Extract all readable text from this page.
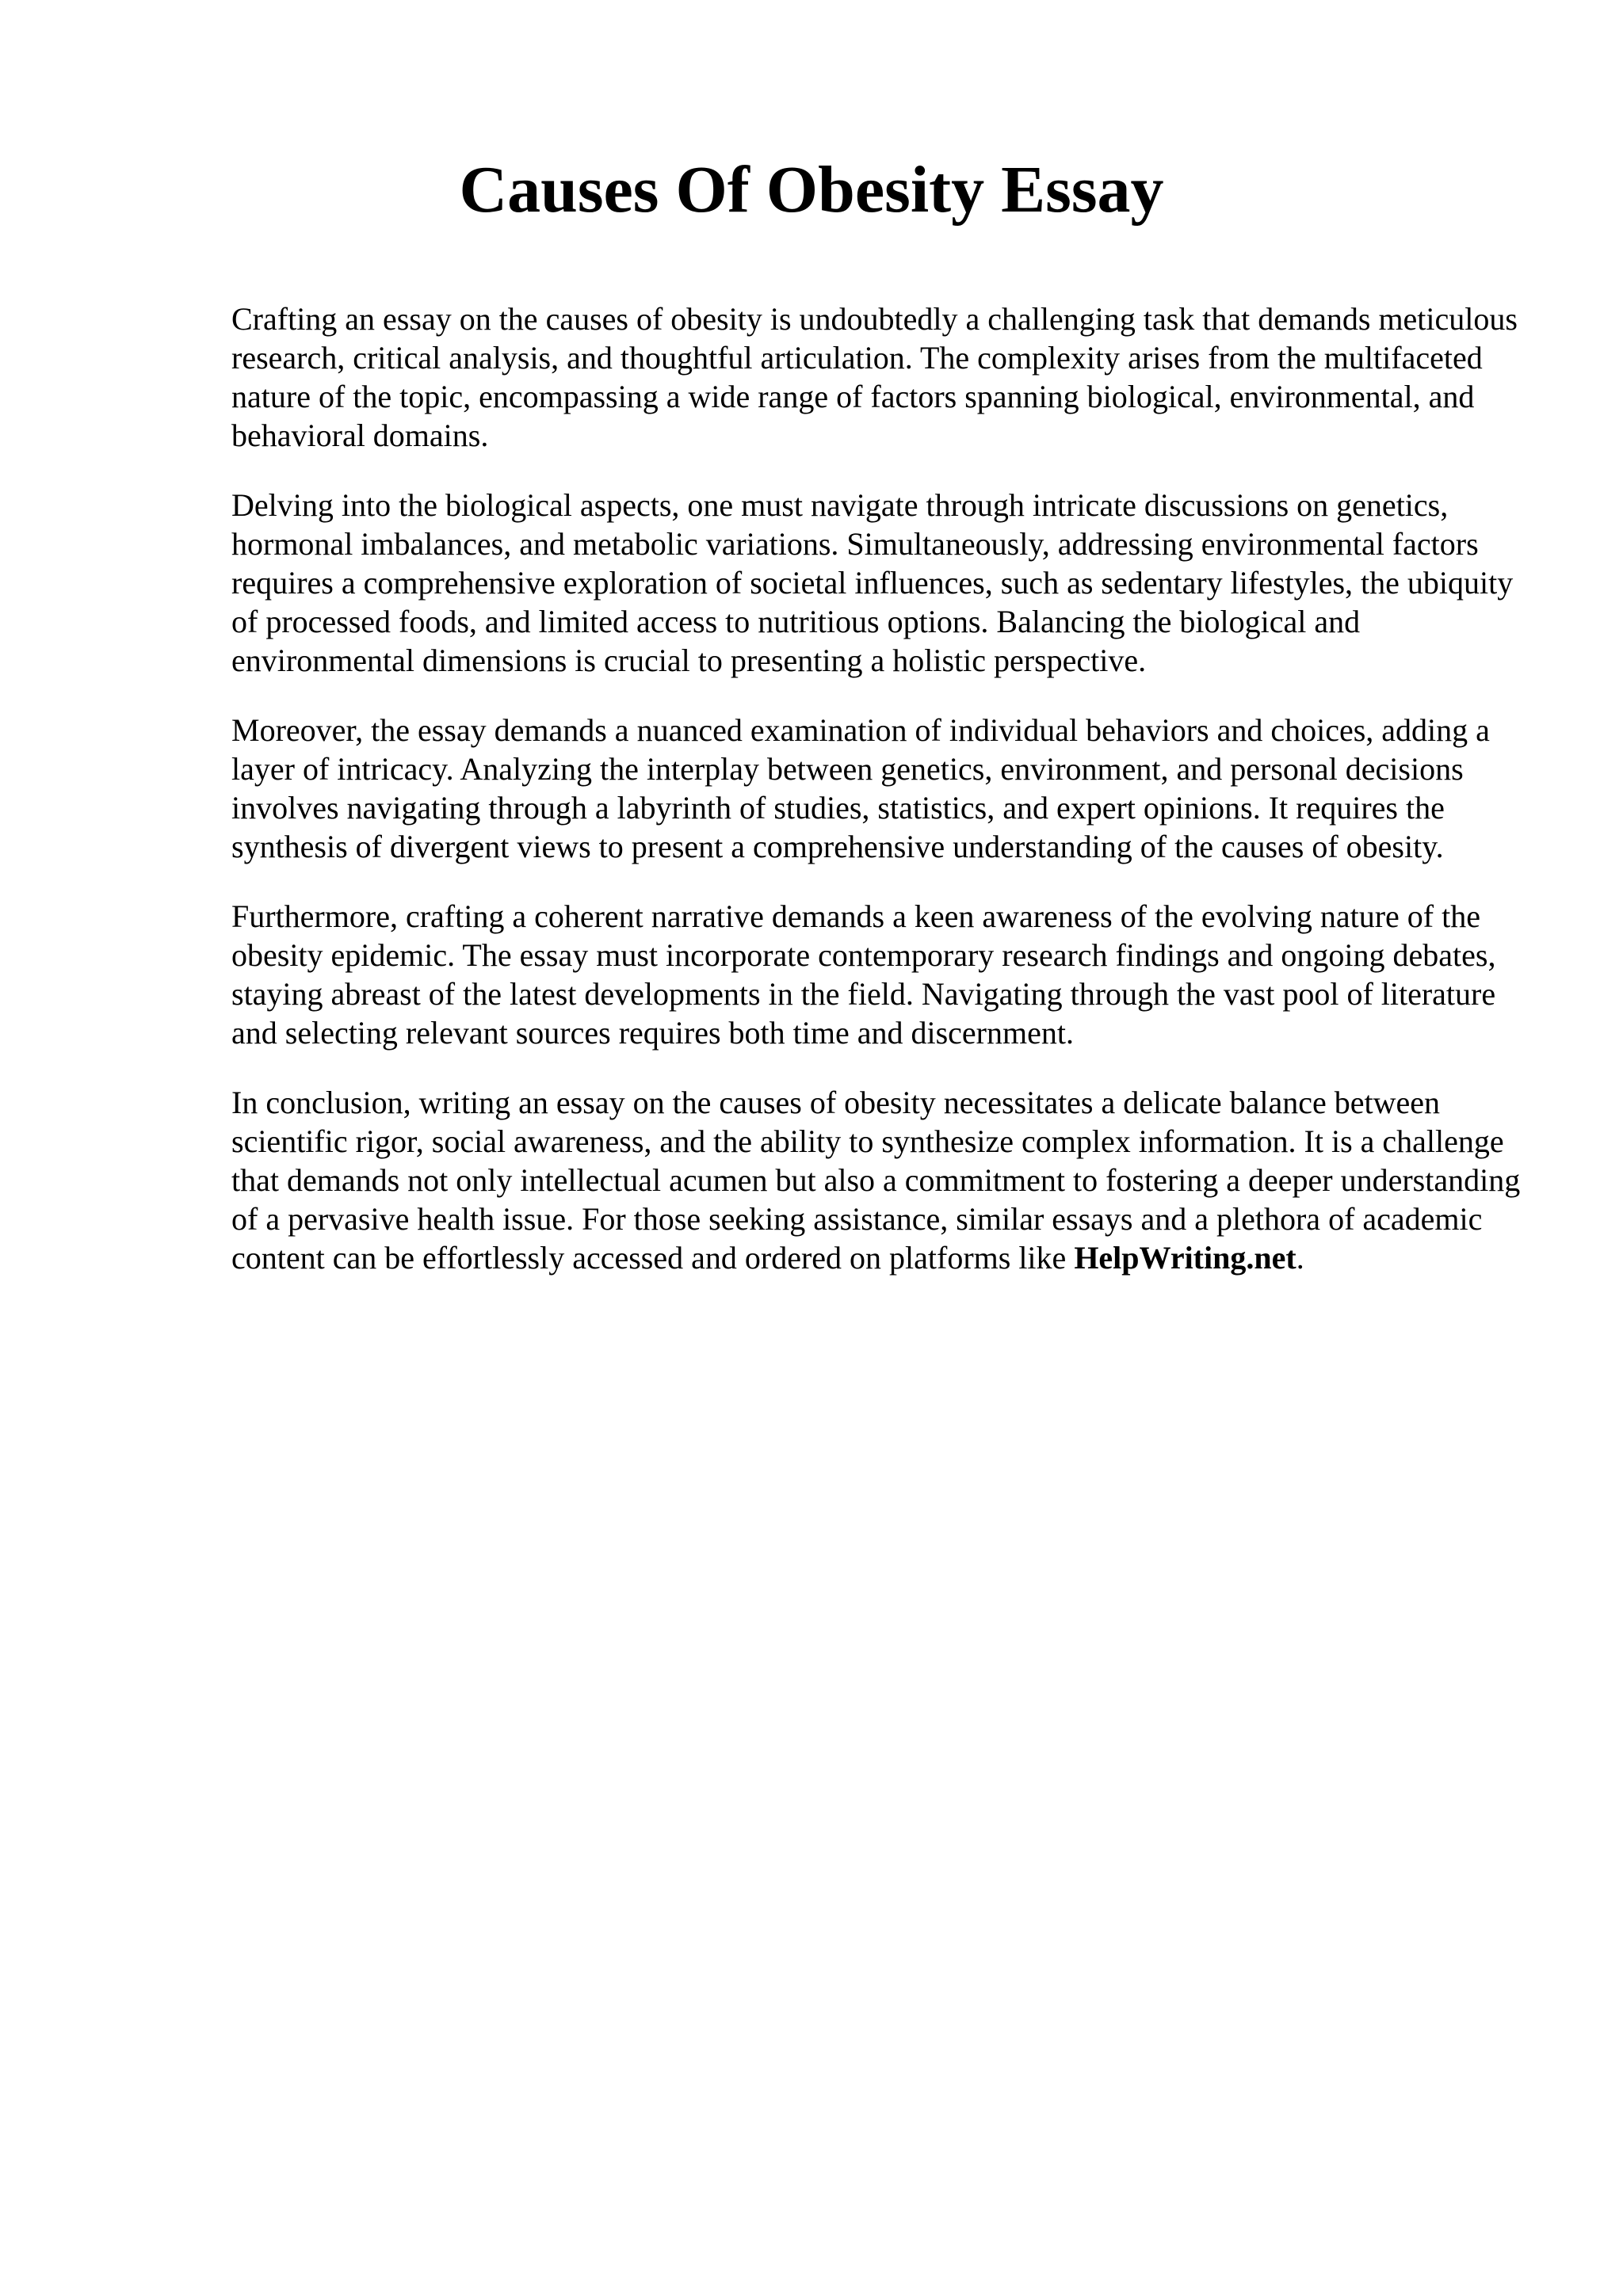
Causes Of Obesity Essay

Crafting an essay on the causes of obesity is undoubtedly a challenging task that demands meticulous research, critical analysis, and thoughtful articulation. The complexity arises from the multifaceted nature of the topic, encompassing a wide range of factors spanning biological, environmental, and behavioral domains.

Delving into the biological aspects, one must navigate through intricate discussions on genetics, hormonal imbalances, and metabolic variations. Simultaneously, addressing environmental factors requires a comprehensive exploration of societal influences, such as sedentary lifestyles, the ubiquity of processed foods, and limited access to nutritious options. Balancing the biological and environmental dimensions is crucial to presenting a holistic perspective.

Moreover, the essay demands a nuanced examination of individual behaviors and choices, adding a layer of intricacy. Analyzing the interplay between genetics, environment, and personal decisions involves navigating through a labyrinth of studies, statistics, and expert opinions. It requires the synthesis of divergent views to present a comprehensive understanding of the causes of obesity.

Furthermore, crafting a coherent narrative demands a keen awareness of the evolving nature of the obesity epidemic. The essay must incorporate contemporary research findings and ongoing debates, staying abreast of the latest developments in the field. Navigating through the vast pool of literature and selecting relevant sources requires both time and discernment.

In conclusion, writing an essay on the causes of obesity necessitates a delicate balance between scientific rigor, social awareness, and the ability to synthesize complex information. It is a challenge that demands not only intellectual acumen but also a commitment to fostering a deeper understanding of a pervasive health issue. For those seeking assistance, similar essays and a plethora of academic content can be effortlessly accessed and ordered on platforms like HelpWriting.net.
